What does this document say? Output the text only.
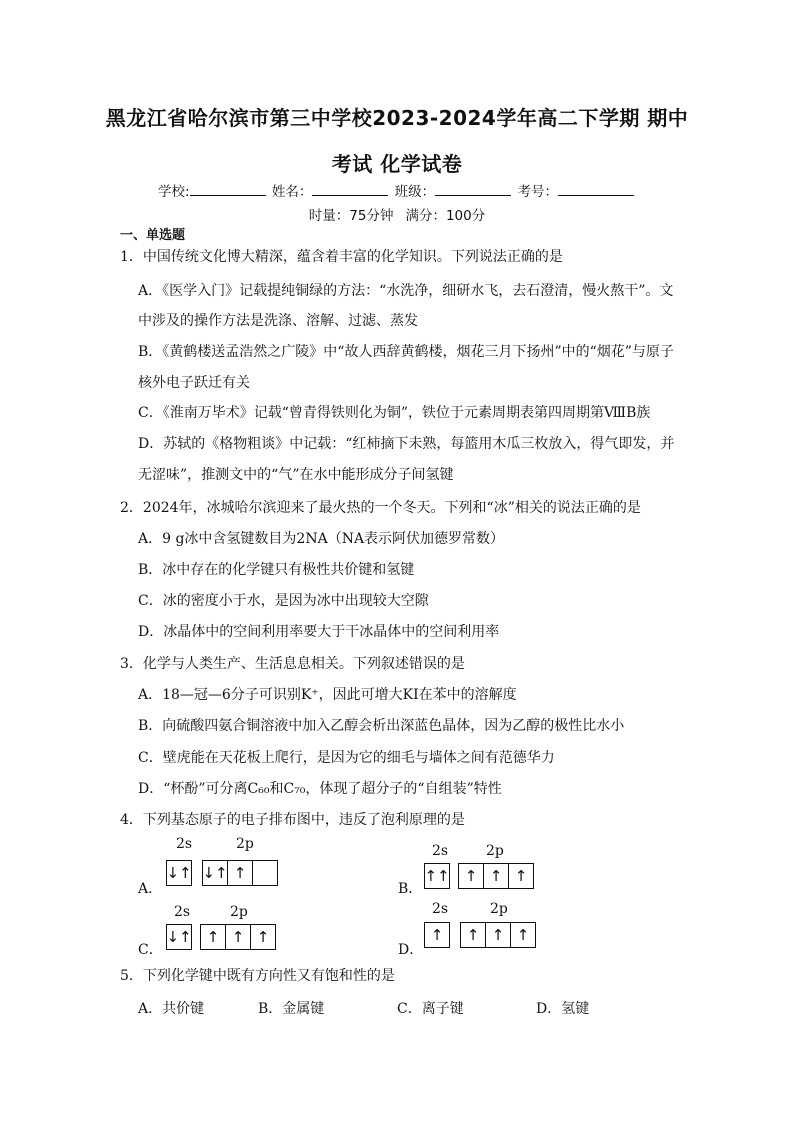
黑龙江省哈尔滨市第三中学校2023-2024学年高二下学期 期中
考试 化学试卷
学校:	姓名：	班级：	考号：
时量：75分钟 满分：100分
一、单选题
1．中国传统文化博大精深，蕴含着丰富的化学知识。下列说法正确的是
A．《医学入门》记载提纯铜绿的方法：“水洗净，细研水飞，去石澄清，慢火熬干”。文
中涉及的操作方法是洗涤、溶解、过滤、蒸发
B．《黄鹤楼送孟浩然之广陵》中“故人西辞黄鹤楼，烟花三月下扬州”中的“烟花”与原子
核外电子跃迁有关
C．《淮南万毕术》记载“曾青得铁则化为铜”，铁位于元素周期表第四周期第ⅧB族
D．苏轼的《格物粗谈》中记载：“红柿摘下未熟，每篮用木瓜三枚放入，得气即发，并
无涩味”，推测文中的“气”在水中能形成分子间氢键
2．2024年，冰城哈尔滨迎来了最火热的一个冬天。下列和“冰”相关的说法正确的是
A．9 g冰中含氢键数目为2NA（NA表示阿伏加德罗常数）
B．冰中存在的化学键只有极性共价键和氢键
C．冰的密度小于水，是因为冰中出现较大空隙
D．冰晶体中的空间利用率要大于干冰晶体中的空间利用率
3．化学与人类生产、生活息息相关。下列叙述错误的是
A．18—冠—6分子可识别K⁺，因此可增大KI在苯中的溶解度
B．向硫酸四氨合铜溶液中加入乙醇会析出深蓝色晶体，因为乙醇的极性比水小
C．壁虎能在天花板上爬行，是因为它的细毛与墙体之间有范德华力
D．“杯酚”可分离C₆₀和C₇₀，体现了超分子的“自组装”特性
4．下列基态原子的电子排布图中，违反了泡利原理的是
2s	2p
A．
↓↑ ↓↑ ↑
2s	2p
B．
↑↑	↑ ↑ ↑
2s	2p
C．
↓↑	↑ ↑ ↑
2s	2p
D．
↑	↑ ↑ ↑
5．下列化学键中既有方向性又有饱和性的是
A．共价键	B．金属键	C．离子键	D．氢键
